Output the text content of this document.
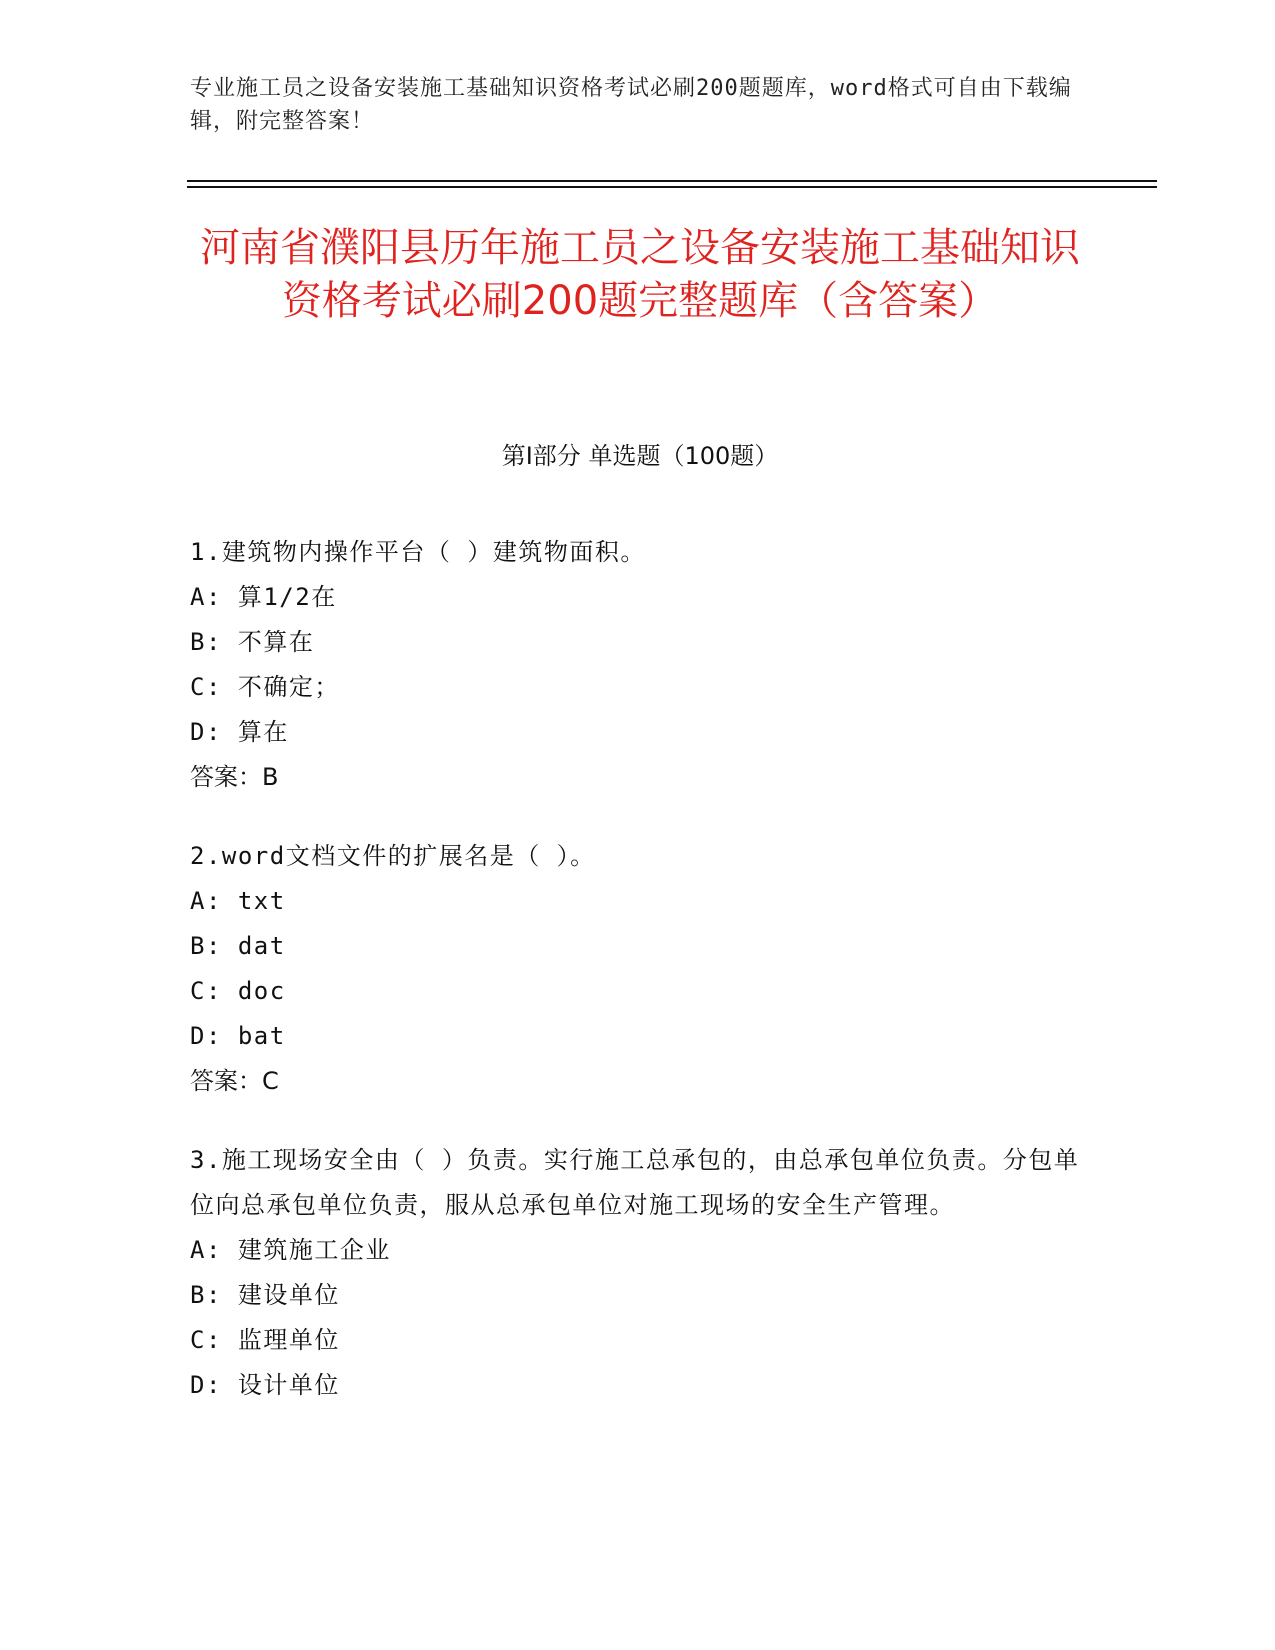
专业施工员之设备安装施工基础知识资格考试必刷200题题库，word格式可自由下载编辑，附完整答案！
河南省濮阳县历年施工员之设备安装施工基础知识资格考试必刷200题完整题库（含答案）
第Ⅰ部分 单选题（100题）
1.建筑物内操作平台（ ）建筑物面积。
A: 算1/2在
B: 不算在
C: 不确定；
D: 算在
答案：B
2.word文档文件的扩展名是（ ）。
A: txt
B: dat
C: doc
D: bat
答案：C
3.施工现场安全由（ ）负责。实行施工总承包的，由总承包单位负责。分包单位向总承包单位负责，服从总承包单位对施工现场的安全生产管理。
A: 建筑施工企业
B: 建设单位
C: 监理单位
D: 设计单位
